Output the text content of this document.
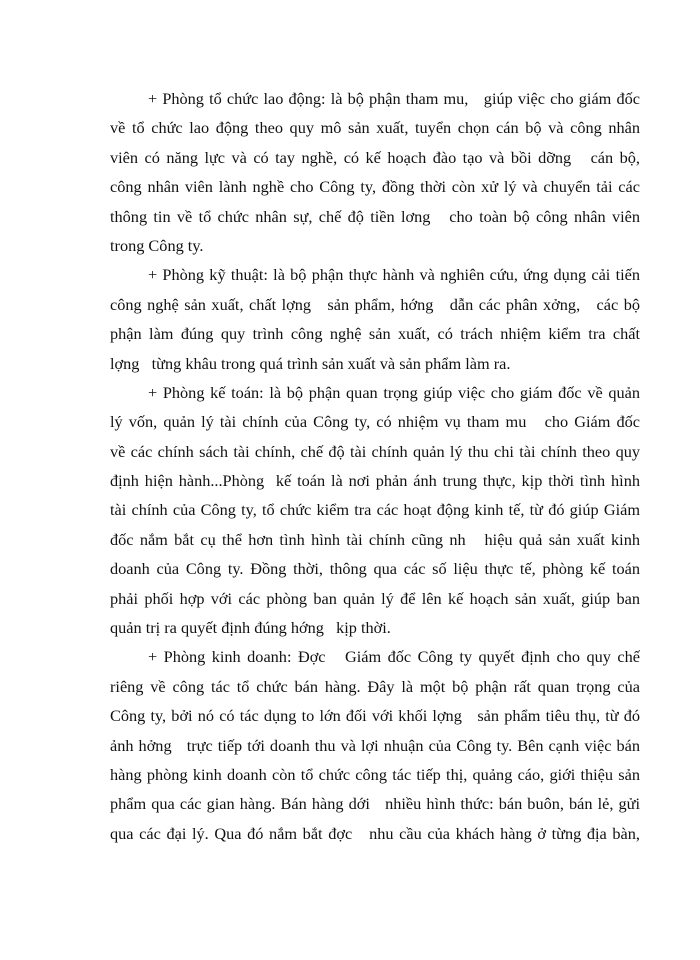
+ Phòng tổ chức lao động: là bộ phận tham mu,   giúp việc cho giám đốc
về tổ chức lao động theo quy mô sản xuất, tuyển chọn cán bộ và công nhân
viên có năng lực và có tay nghề, có kế hoạch đào tạo và bồi dỡng   cán bộ,
công nhân viên lành nghề cho Công ty, đồng thời còn xử lý và chuyển tải các
thông tin về tổ chức nhân sự, chế độ tiền lơng   cho toàn bộ công nhân viên
trong Công ty.
+ Phòng kỹ thuật: là bộ phận thực hành và nghiên cứu, ứng dụng cải tiến
công nghệ sản xuất, chất lợng   sản phẩm, hớng   dẫn các phân xởng,   các bộ
phận làm đúng quy trình công nghệ sản xuất, có trách nhiệm kiểm tra chất
lợng   từng khâu trong quá trình sản xuất và sản phẩm làm ra.
+ Phòng kế toán: là bộ phận quan trọng giúp việc cho giám đốc về quản
lý vốn, quản lý tài chính của Công ty, có nhiệm vụ tham mu   cho Giám đốc
về các chính sách tài chính, chế độ tài chính quản lý thu chi tài chính theo quy
định hiện hành...Phòng  kế toán là nơi phản ánh trung thực, kịp thời tình hình
tài chính của Công ty, tổ chức kiểm tra các hoạt động kinh tế, từ đó giúp Giám
đốc nắm bắt cụ thể hơn tình hình tài chính cũng nh   hiệu quả sản xuất kinh
doanh của Công ty. Đồng thời, thông qua các số liệu thực tế, phòng kế toán
phải phối hợp với các phòng ban quản lý để lên kế hoạch sản xuất, giúp ban
quản trị ra quyết định đúng hớng   kịp thời.
+ Phòng kinh doanh: Đợc   Giám đốc Công ty quyết định cho quy chế
riêng về công tác tổ chức bán hàng. Đây là một bộ phận rất quan trọng của
Công ty, bởi nó có tác dụng to lớn đối với khối lợng   sản phẩm tiêu thụ, từ đó
ảnh hởng   trực tiếp tới doanh thu và lợi nhuận của Công ty. Bên cạnh việc bán
hàng phòng kinh doanh còn tổ chức công tác tiếp thị, quảng cáo, giới thiệu sản
phẩm qua các gian hàng. Bán hàng dới   nhiều hình thức: bán buôn, bán lẻ, gửi
qua các đại lý. Qua đó nắm bắt đợc   nhu cầu của khách hàng ở từng địa bàn,
